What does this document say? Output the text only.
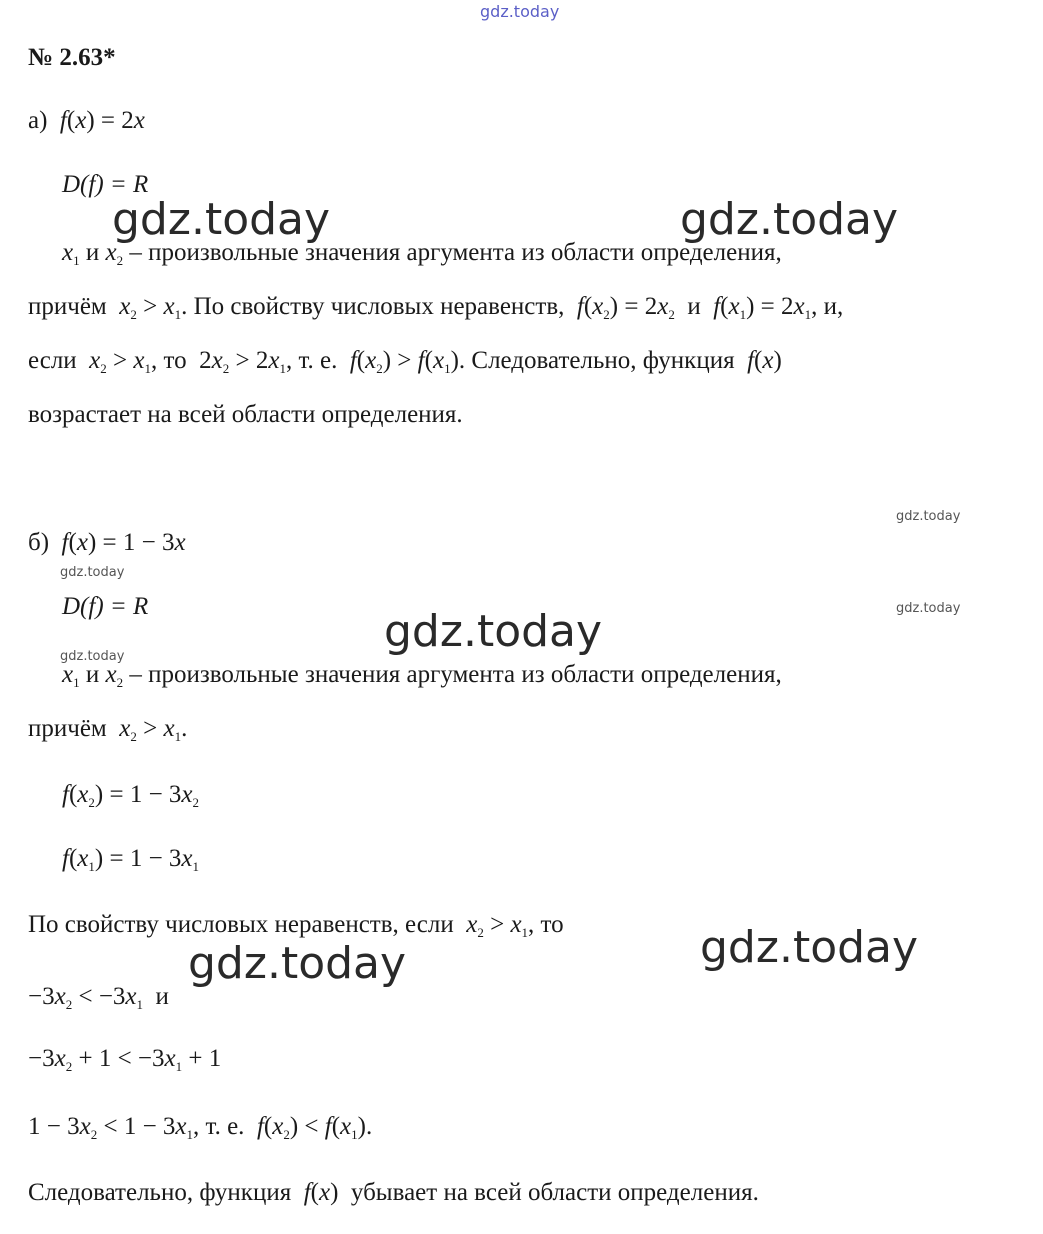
gdz.today
gdz.today	gdz.today
gdz.today
gdz.today
gdz.today
gdz.today
gdz.today
gdz.today
gdz.today
№ 2.63*
а) f(x) = 2x
D(f) = R
$x_1$ и $x_2$ – произвольные значения аргумента из области определения,
причём $x_2 > x_1$. По свойству числовых неравенств, $f(x_2) = 2x_2$ и $f(x_1) = 2x_1$, и,
если $x_2 > x_1$, то  $2x_2 > 2x_1$, т. е. $f(x_2) > f(x_1)$. Следовательно, функция f(x)
возрастает на всей области определения.
б) f(x) = 1 − 3x
D(f) = R
$x_1$ и $x_2$ – произвольные значения аргумента из области определения,
причём $x_2 > x_1$.
$f(x_2) = 1 - 3x_2$
$f(x_1) = 1 - 3x_1$
По свойству числовых неравенств, если $x_2 > x_1$, то
$-3x_2 < -3x_1$ и
$-3x_2 + 1 < -3x_1 + 1$
$1 - 3x_2 < 1 - 3x_1$, т. е. $f(x_2) < f(x_1)$.
Следовательно, функция f(x)  убывает на всей области определения.
